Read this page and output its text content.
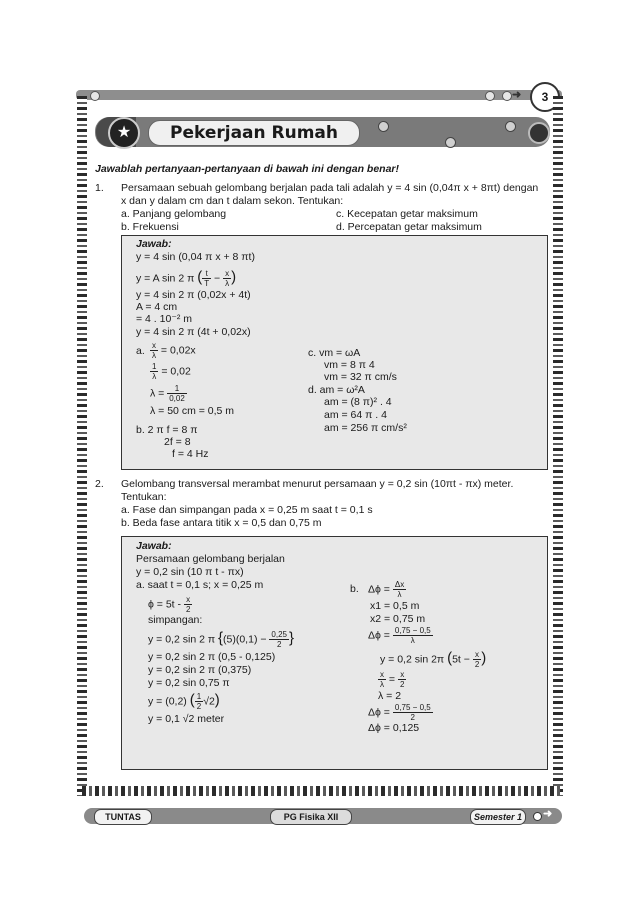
➜	3
★	Pekerjaan Rumah
Jawablah pertanyaan-pertanyaan di bawah ini dengan benar!
1. Persamaan sebuah gelombang berjalan pada tali adalah y = 4 sin (0,04π x + 8πt) dengan
x dan y dalam cm dan t dalam sekon. Tentukan:
a. Panjang gelombang
b. Frekuensi
c. Kecepatan getar maksimum
d. Percepatan getar maksimum
Jawab:
y = 4 sin (0,04 π x + 8 πt)
y = A sin 2 π ( $\frac{t}{T} - \frac{x}{\lambda}$ )
y = 4 sin 2 π (0,02x + 4t)
A = 4 cm
= 4 . 10⁻² m
y = 4 sin 2 π (4t + 0,02x)
a. $\frac{x}{\lambda} = 0,02x$
$\frac{1}{\lambda} = 0,02$
$\lambda = \frac{1}{0,02}$
λ = 50 cm = 0,5 m
b. 2 π f = 8 π
2f = 8
f = 4 Hz
c. vm = ωA
vm = 8 π 4
vm = 32 π cm/s
d. am = ω²A
am = (8 π)² . 4
am = 64 π . 4
am = 256 π cm/s²
2. Gelombang transversal merambat menurut persamaan y = 0,2 sin (10πt - πx) meter.
Tentukan:
a. Fase dan simpangan pada x = 0,25 m saat t = 0,1 s
b. Beda fase antara titik x = 0,5 dan 0,75 m
Jawab:
Persamaan gelombang berjalan
y = 0,2 sin (10 π t - πx)
a. saat t = 0,1 s; x = 0,25 m
$\phi = 5t - \frac{x}{2}$
simpangan:
y = 0,2 sin 2 π {$(5)(0,1) - \frac{0,25}{2}$ }
y = 0,2 sin 2 π (0,5 - 0,125)
y = 0,2 sin 2 π (0,375)
y = 0,2 sin 0,75 π
y = (0,2) ( $\frac{1}{2} √2$)
y = 0,1 √2 meter
b. $\Delta\phi = \frac{\Delta x}{\lambda}$
x1 = 0,5 m
x2 = 0,75 m
$\Delta\phi = \frac{0,75 - 0,5}{\lambda}$
y = 0,2 sin 2π ($5t - \frac{x}{2}$ )
$\frac{x}{\lambda} = \frac{x}{2}$
λ = 2
$\Delta\phi = \frac{0,75 - 0,5}{2}$
Δϕ = 0,125
TUNTAS	PG Fisika XII	Semester 1	➜
